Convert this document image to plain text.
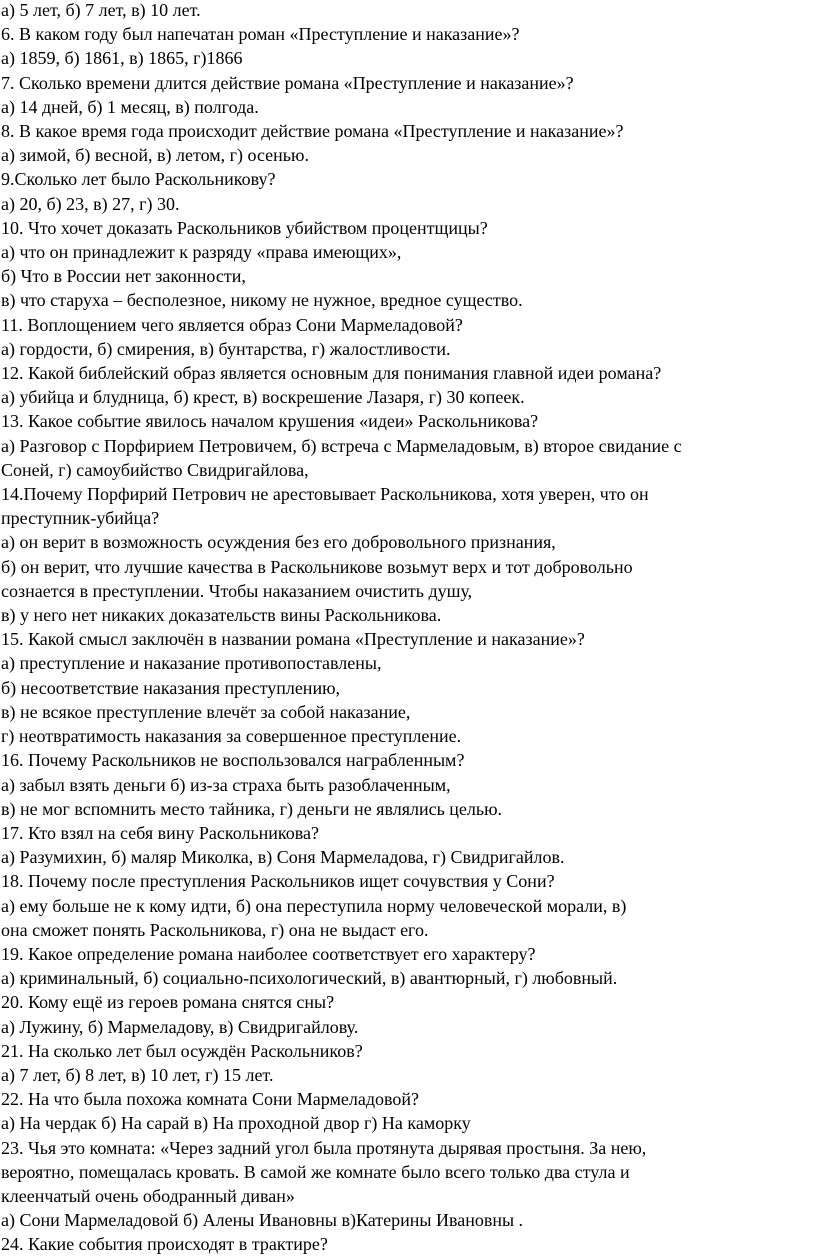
а) 5 лет, б) 7 лет, в) 10 лет.
6. В каком году был напечатан роман «Преступление и наказание»?
а) 1859, б) 1861, в) 1865, г)1866
7. Сколько времени длится действие романа «Преступление и наказание»?
а) 14 дней, б) 1 месяц, в) полгода.
8. В какое время года происходит действие романа «Преступление и наказание»?
а) зимой, б) весной, в) летом, г) осенью.
9.Сколько лет было Раскольникову?
а) 20, б) 23, в) 27, г) 30.
10. Что хочет доказать Раскольников убийством процентщицы?
а) что он принадлежит к разряду «права имеющих»,
б) Что в России нет законности,
в) что старуха – бесполезное, никому не нужное, вредное существо.
11. Воплощением чего является образ Сони Мармеладовой?
а) гордости, б) смирения, в) бунтарства, г) жалостливости.
12. Какой библейский образ является основным для понимания главной идеи романа?
а) убийца и блудница, б) крест, в) воскрешение Лазаря, г) 30 копеек.
13. Какое событие явилось началом крушения «идеи» Раскольникова?
а) Разговор с Порфирием Петровичем, б) встреча с Мармеладовым, в) второе свидание с
Соней, г) самоубийство Свидригайлова,
14.Почему Порфирий Петрович не арестовывает Раскольникова, хотя уверен, что он
преступник-убийца?
а) он верит в возможность осуждения без его добровольного признания,
б) он верит, что лучшие качества в Раскольникове возьмут верх и тот добровольно
сознается в преступлении. Чтобы наказанием очистить душу,
в) у него нет никаких доказательств вины Раскольникова.
15. Какой смысл заключён в названии романа «Преступление и наказание»?
а) преступление и наказание противопоставлены,
б) несоответствие наказания преступлению,
в) не всякое преступление влечёт за собой наказание,
г) неотвратимость наказания за совершенное преступление.
16. Почему Раскольников не воспользовался награбленным?
а) забыл взять деньги б) из-за страха быть разоблаченным,
в) не мог вспомнить место тайника, г) деньги не являлись целью.
17. Кто взял на себя вину Раскольникова?
а) Разумихин, б) маляр Миколка, в) Соня Мармеладова, г) Свидригайлов.
18. Почему после преступления Раскольников ищет сочувствия у Сони?
а) ему больше не к кому идти, б) она переступила норму человеческой морали, в)
она сможет понять Раскольникова, г) она не выдаст его.
19. Какое определение романа наиболее соответствует его характеру?
а) криминальный, б) социально-психологический, в) авантюрный, г) любовный.
20. Кому ещё из героев романа снятся сны?
а) Лужину, б) Мармеладову, в) Свидригайлову.
21. На сколько лет был осуждён Раскольников?
а) 7 лет, б) 8 лет, в) 10 лет, г) 15 лет.
22. На что была похожа комната Сони Мармеладовой?
а) На чердак б) На сарай в) На проходной двор г) На каморку
23. Чья это комната: «Через задний угол была протянута дырявая простыня. За нею,
вероятно, помещалась кровать. В самой же комнате было всего только два стула и
клеенчатый очень ободранный диван»
а) Сони Мармеладовой б) Алены Ивановны в)Катерины Ивановны .
24. Какие события происходят в трактире?
